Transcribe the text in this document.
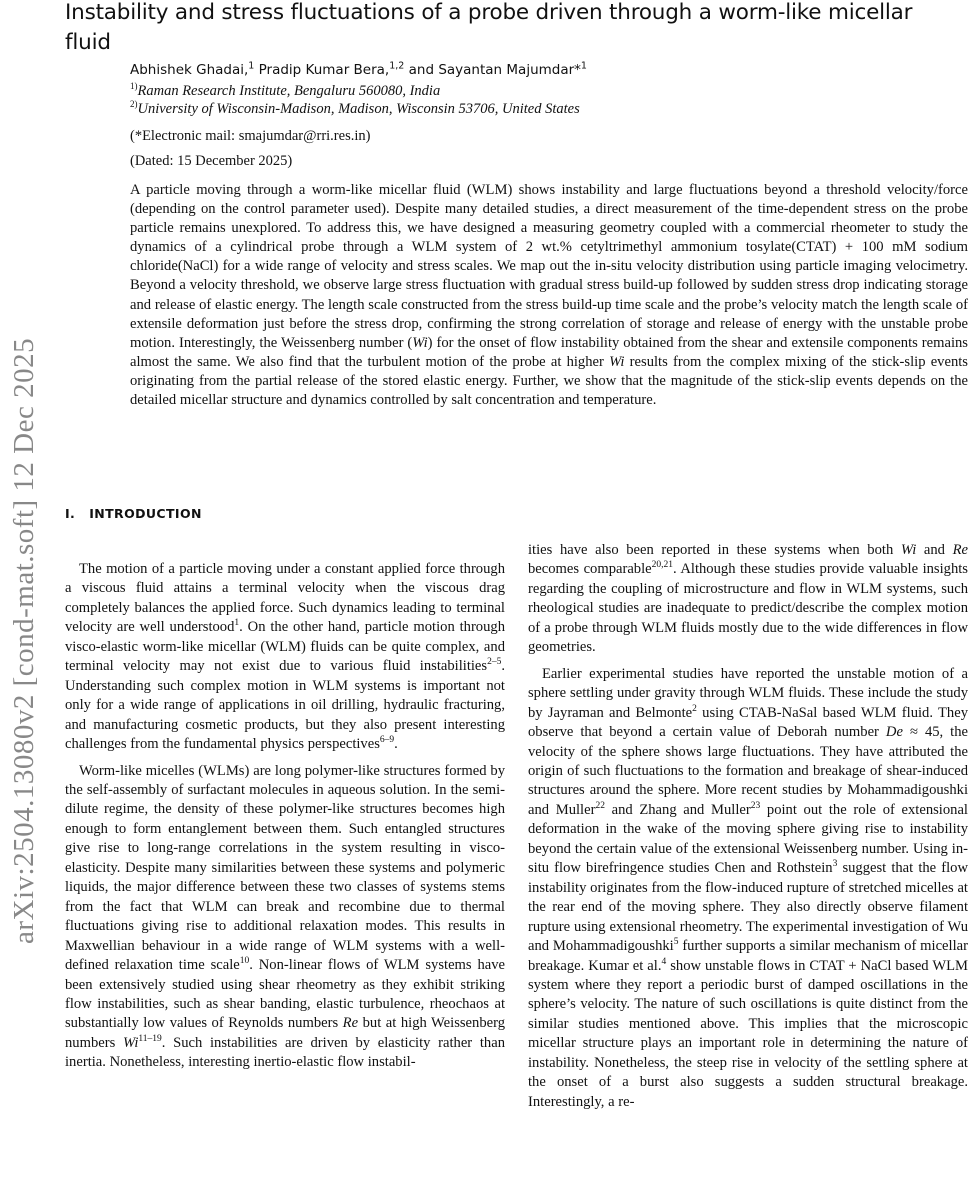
Instability and stress fluctuations of a probe driven through a worm-like micellar fluid
Abhishek Ghadai,$^1$ Pradip Kumar Bera,$^{1,2}$ and Sayantan Majumdar*$^1$
$^{1)}$Raman Research Institute, Bengaluru 560080, India
$^{2)}$University of Wisconsin-Madison, Madison, Wisconsin 53706, United States
(*Electronic mail: smajumdar@rri.res.in)
(Dated: 15 December 2025)
A particle moving through a worm-like micellar fluid (WLM) shows instability and large fluctuations beyond a threshold velocity/force (depending on the control parameter used). Despite many detailed studies, a direct measurement of the time-dependent stress on the probe particle remains unexplored. To address this, we have designed a measuring geometry coupled with a commercial rheometer to study the dynamics of a cylindrical probe through a WLM system of 2 wt.% cetyltrimethyl ammonium tosylate(CTAT) + 100 mM sodium chloride(NaCl) for a wide range of velocity and stress scales. We map out the in-situ velocity distribution using particle imaging velocimetry. Beyond a velocity threshold, we observe large stress fluctuation with gradual stress build-up followed by sudden stress drop indicating storage and release of elastic energy. The length scale constructed from the stress build-up time scale and the probe’s velocity match the length scale of extensile deformation just before the stress drop, confirming the strong correlation of storage and release of energy with the unstable probe motion. Interestingly, the Weissenberg number (Wi) for the onset of flow instability obtained from the shear and extensile components remains almost the same. We also find that the turbulent motion of the probe at higher Wi results from the complex mixing of the stick-slip events originating from the partial release of the stored elastic energy. Further, we show that the magnitude of the stick-slip events depends on the detailed micellar structure and dynamics controlled by salt concentration and temperature.
arXiv:2504.13080v2 [cond-mat.soft] 12 Dec 2025 I. INTRODUCTION

The motion of a particle moving under a constant applied force through a viscous fluid attains a terminal velocity when the viscous drag completely balances the applied force. Such dynamics leading to terminal velocity are well understood$^1$. On the other hand, particle motion through visco-elastic worm-like micellar (WLM) fluids can be quite complex, and terminal velocity may not exist due to various fluid instabilities$^{2-5}$. Understanding such complex motion in WLM systems is important not only for a wide range of applications in oil drilling, hydraulic fracturing, and manufacturing cosmetic products, but they also present interesting challenges from the fundamental physics perspectives$^{6-9}$.

Worm-like micelles (WLMs) are long polymer-like structures formed by the self-assembly of surfactant molecules in aqueous solution. In the semi-dilute regime, the density of these polymer-like structures becomes high enough to form entanglement between them. Such entangled structures give rise to long-range correlations in the system resulting in visco-elasticity. Despite many similarities between these systems and polymeric liquids, the major difference between these two classes of systems stems from the fact that WLM can break and recombine due to thermal fluctuations giving rise to additional relaxation modes. This results in Maxwellian behaviour in a wide range of WLM systems with a well-defined relaxation time scale$^{10}$. Non-linear flows of WLM systems have been extensively studied using shear rheometry as they exhibit striking flow instabilities, such as shear banding, elastic turbulence, rheochaos at substantially low values of Reynolds numbers Re but at high Weissenberg numbers Wi$^{11-19}$. Such instabilities are driven by elasticity rather than inertia. Nonetheless, interesting inertio-elastic flow instabil-

ities have also been reported in these systems when both Wi and Re becomes comparable$^{20,21}$. Although these studies provide valuable insights regarding the coupling of microstructure and flow in WLM systems, such rheological studies are inadequate to predict/describe the complex motion of a probe through WLM fluids mostly due to the wide differences in flow geometries.

Earlier experimental studies have reported the unstable motion of a sphere settling under gravity through WLM fluids. These include the study by Jayraman and Belmonte$^2$ using CTAB-NaSal based WLM fluid. They observe that beyond a certain value of Deborah number De ≈ 45, the velocity of the sphere shows large fluctuations. They have attributed the origin of such fluctuations to the formation and breakage of shear-induced structures around the sphere. More recent studies by Mohammadigoushki and Muller$^{22}$ and Zhang and Muller$^{23}$ point out the role of extensional deformation in the wake of the moving sphere giving rise to instability beyond the certain value of the extensional Weissenberg number. Using in-situ flow birefringence studies Chen and Rothstein$^3$ suggest that the flow instability originates from the flow-induced rupture of stretched micelles at the rear end of the moving sphere. They also directly observe filament rupture using extensional rheometry. The experimental investigation of Wu and Mohammadigoushki$^5$ further supports a similar mechanism of micellar breakage. Kumar et al.$^4$ show unstable flows in CTAT + NaCl based WLM system where they report a periodic burst of damped oscillations in the sphere’s velocity. The nature of such oscillations is quite distinct from the similar studies mentioned above. This implies that the microscopic micellar structure plays an important role in determining the nature of instability. Nonetheless, the steep rise in velocity of the settling sphere at the onset of a burst also suggests a sudden structural breakage. Interestingly, a re-
